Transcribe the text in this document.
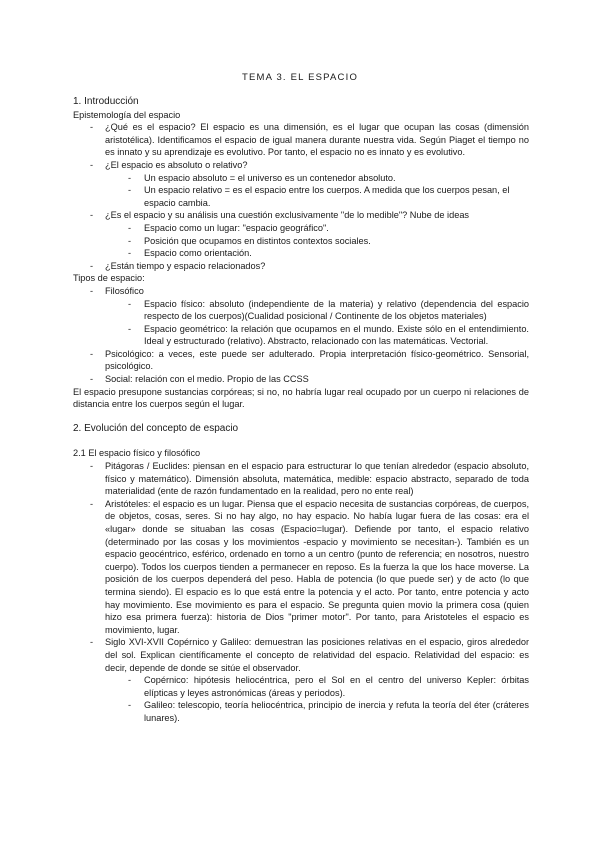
TEMA 3. EL ESPACIO
1. Introducción
Epistemología del espacio
- ¿Qué es el espacio? El espacio es una dimensión, es el lugar que ocupan las cosas (dimensión aristotélica). Identificamos el espacio de igual manera durante nuestra vida. Según Piaget el tiempo no es innato y su aprendizaje es evolutivo. Por tanto, el espacio no es innato y es evolutivo.
- ¿El espacio es absoluto o relativo?
- Un espacio absoluto = el universo es un contenedor absoluto.
- Un espacio relativo = es el espacio entre los cuerpos. A medida que los cuerpos pesan, el espacio cambia.
- ¿Es el espacio y su análisis una cuestión exclusivamente "de lo medible"? Nube de ideas
- Espacio como un lugar: "espacio geográfico".
- Posición que ocupamos en distintos contextos sociales.
- Espacio como orientación.
- ¿Están tiempo y espacio relacionados?
Tipos de espacio:
- Filosófico
- Espacio físico: absoluto (independiente de la materia) y relativo (dependencia del espacio respecto de los cuerpos)(Cualidad posicional / Continente de los objetos materiales)
- Espacio geométrico: la relación que ocupamos en el mundo. Existe sólo en el entendimiento. Ideal y estructurado (relativo). Abstracto, relacionado con las matemáticas. Vectorial.
- Psicológico: a veces, este puede ser adulterado. Propia interpretación físico-geométrico. Sensorial, psicológico.
- Social: relación con el medio. Propio de las CCSS
El espacio presupone sustancias corpóreas; si no, no habría lugar real ocupado por un cuerpo ni relaciones de distancia entre los cuerpos según el lugar.
2. Evolución del concepto de espacio
2.1 El espacio físico y filosófico
- Pitágoras / Euclides: piensan en el espacio para estructurar lo que tenían alrededor (espacio absoluto, físico y matemático). Dimensión absoluta, matemática, medible: espacio abstracto, separado de toda materialidad (ente de razón fundamentado en la realidad, pero no ente real)
- Aristóteles: el espacio es un lugar. Piensa que el espacio necesita de sustancias corpóreas, de cuerpos, de objetos, cosas, seres. Si no hay algo, no hay espacio. No había lugar fuera de las cosas: era el «lugar» donde se situaban las cosas (Espacio=lugar). Defiende por tanto, el espacio relativo (determinado por las cosas y los movimientos -espacio y movimiento se necesitan-). También es un espacio geocéntrico, esférico, ordenado en torno a un centro (punto de referencia; en nosotros, nuestro cuerpo). Todos los cuerpos tienden a permanecer en reposo. Es la fuerza la que los hace moverse. La posición de los cuerpos dependerá del peso. Habla de potencia (lo que puede ser) y de acto (lo que termina siendo). El espacio es lo que está entre la potencia y el acto. Por tanto, entre potencia y acto hay movimiento. Ese movimiento es para el espacio. Se pregunta quien movio la primera cosa (quien hizo esa primera fuerza): historia de Dios "primer motor". Por tanto, para Aristoteles el espacio es movimiento, lugar.
- Siglo XVI-XVII Copérnico y Galileo: demuestran las posiciones relativas en el espacio, giros alrededor del sol. Explican científicamente el concepto de relatividad del espacio. Relatividad del espacio: es decir, depende de donde se sitúe el observador.
- Copérnico: hipótesis heliocéntrica, pero el Sol en el centro del universo Kepler: órbitas elípticas y leyes astronómicas (áreas y periodos).
- Galileo: telescopio, teoría heliocéntrica, principio de inercia y refuta la teoría del éter (cráteres lunares).
